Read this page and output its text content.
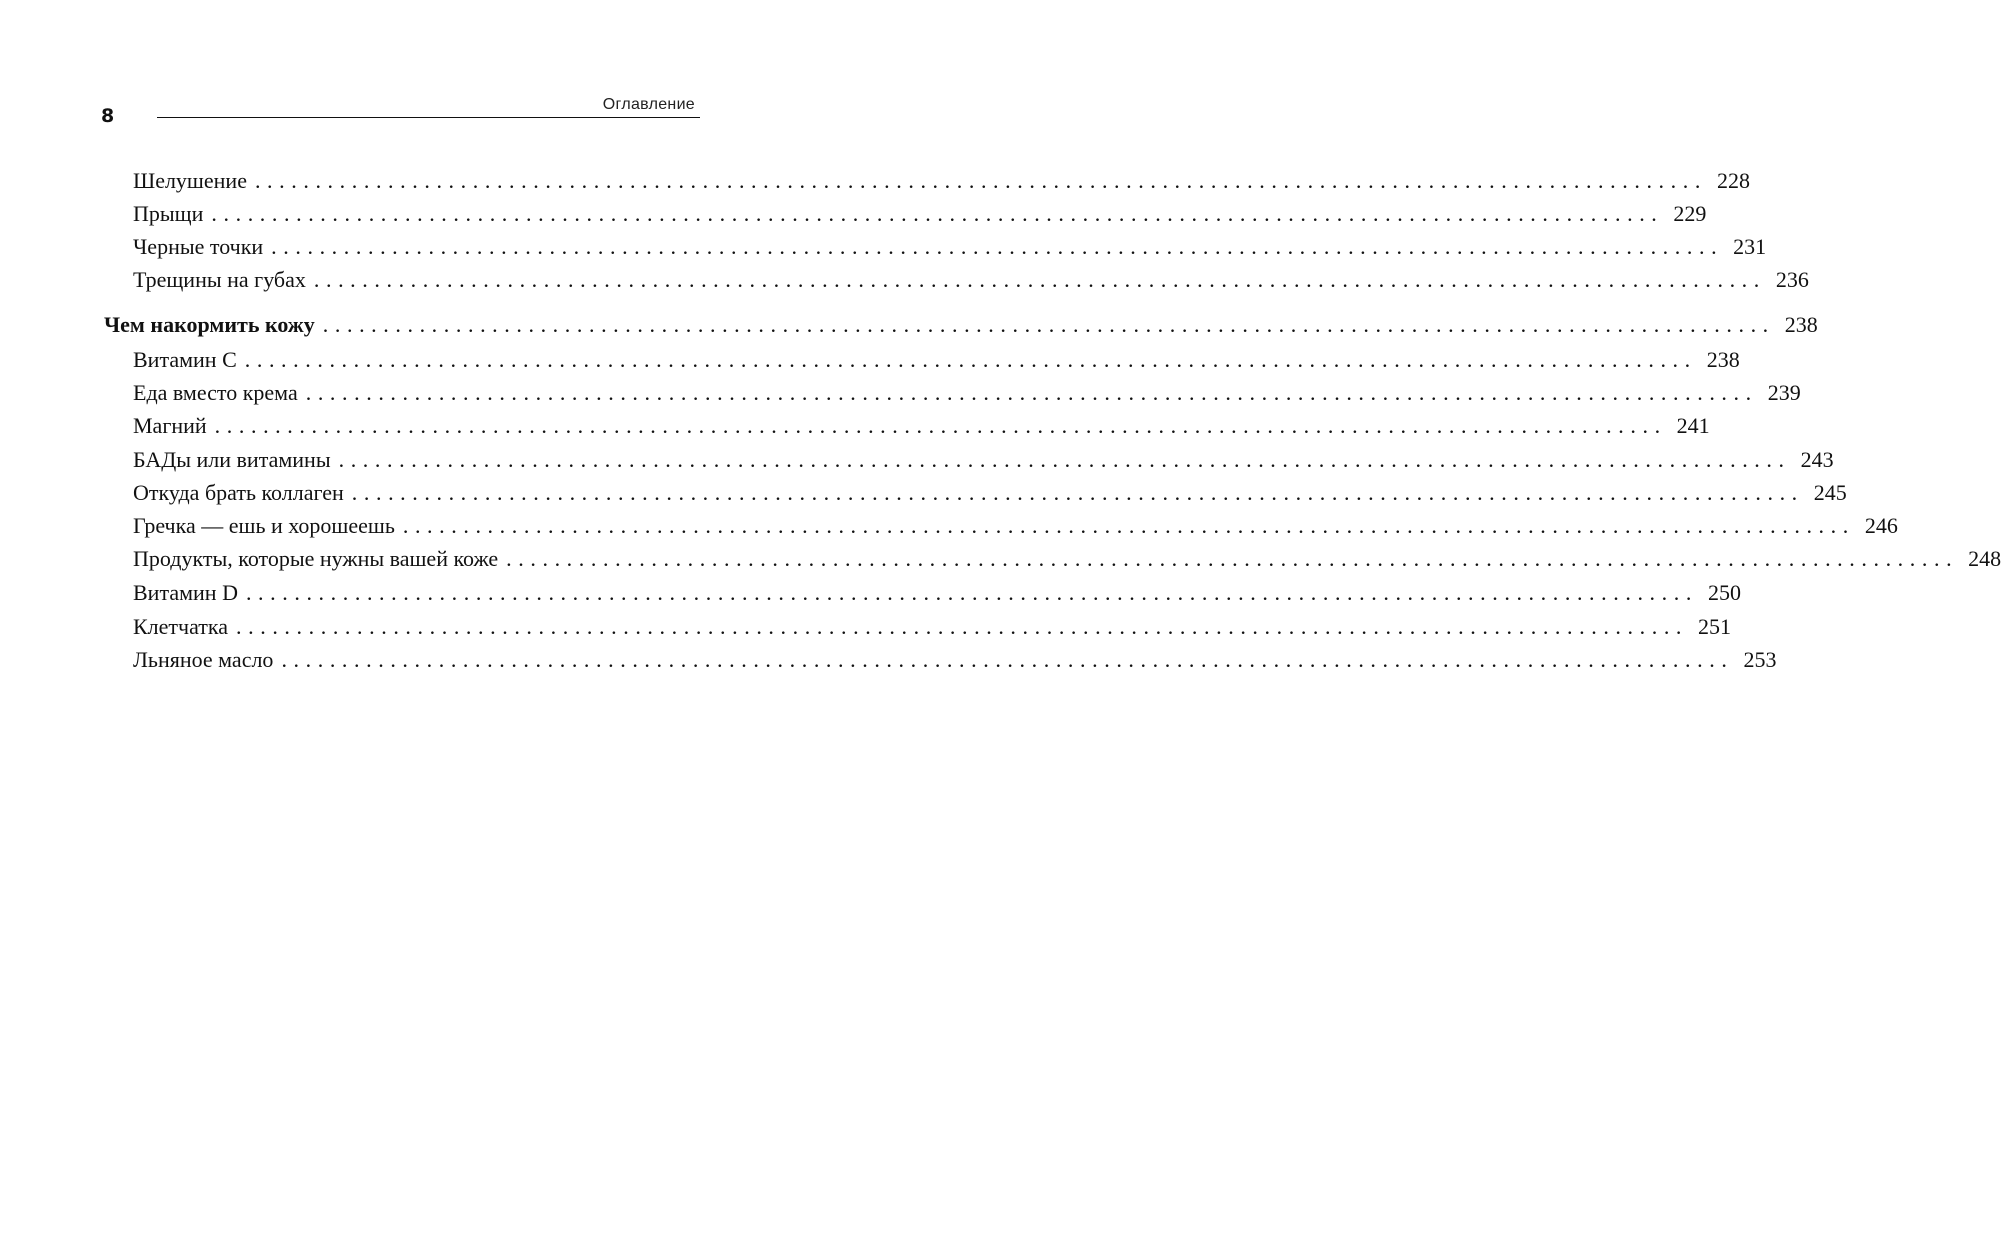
8
Оглавление
Шелушение ........................................................................................................................ 228
Прыщи ........................................................................................................................ 229
Черные точки ........................................................................................................................ 231
Трещины на губах ........................................................................................................................ 236
Чем накормить кожу ........................................................................................................................ 238
Витамин С ........................................................................................................................ 238
Еда вместо крема ........................................................................................................................ 239
Магний ........................................................................................................................ 241
БАДы или витамины ........................................................................................................................ 243
Откуда брать коллаген ........................................................................................................................ 245
Гречка — ешь и хорошеешь ........................................................................................................................ 246
Продукты, которые нужны вашей коже ........................................................................................................................ 248
Витамин D ........................................................................................................................ 250
Клетчатка ........................................................................................................................ 251
Льняное масло ........................................................................................................................ 253
